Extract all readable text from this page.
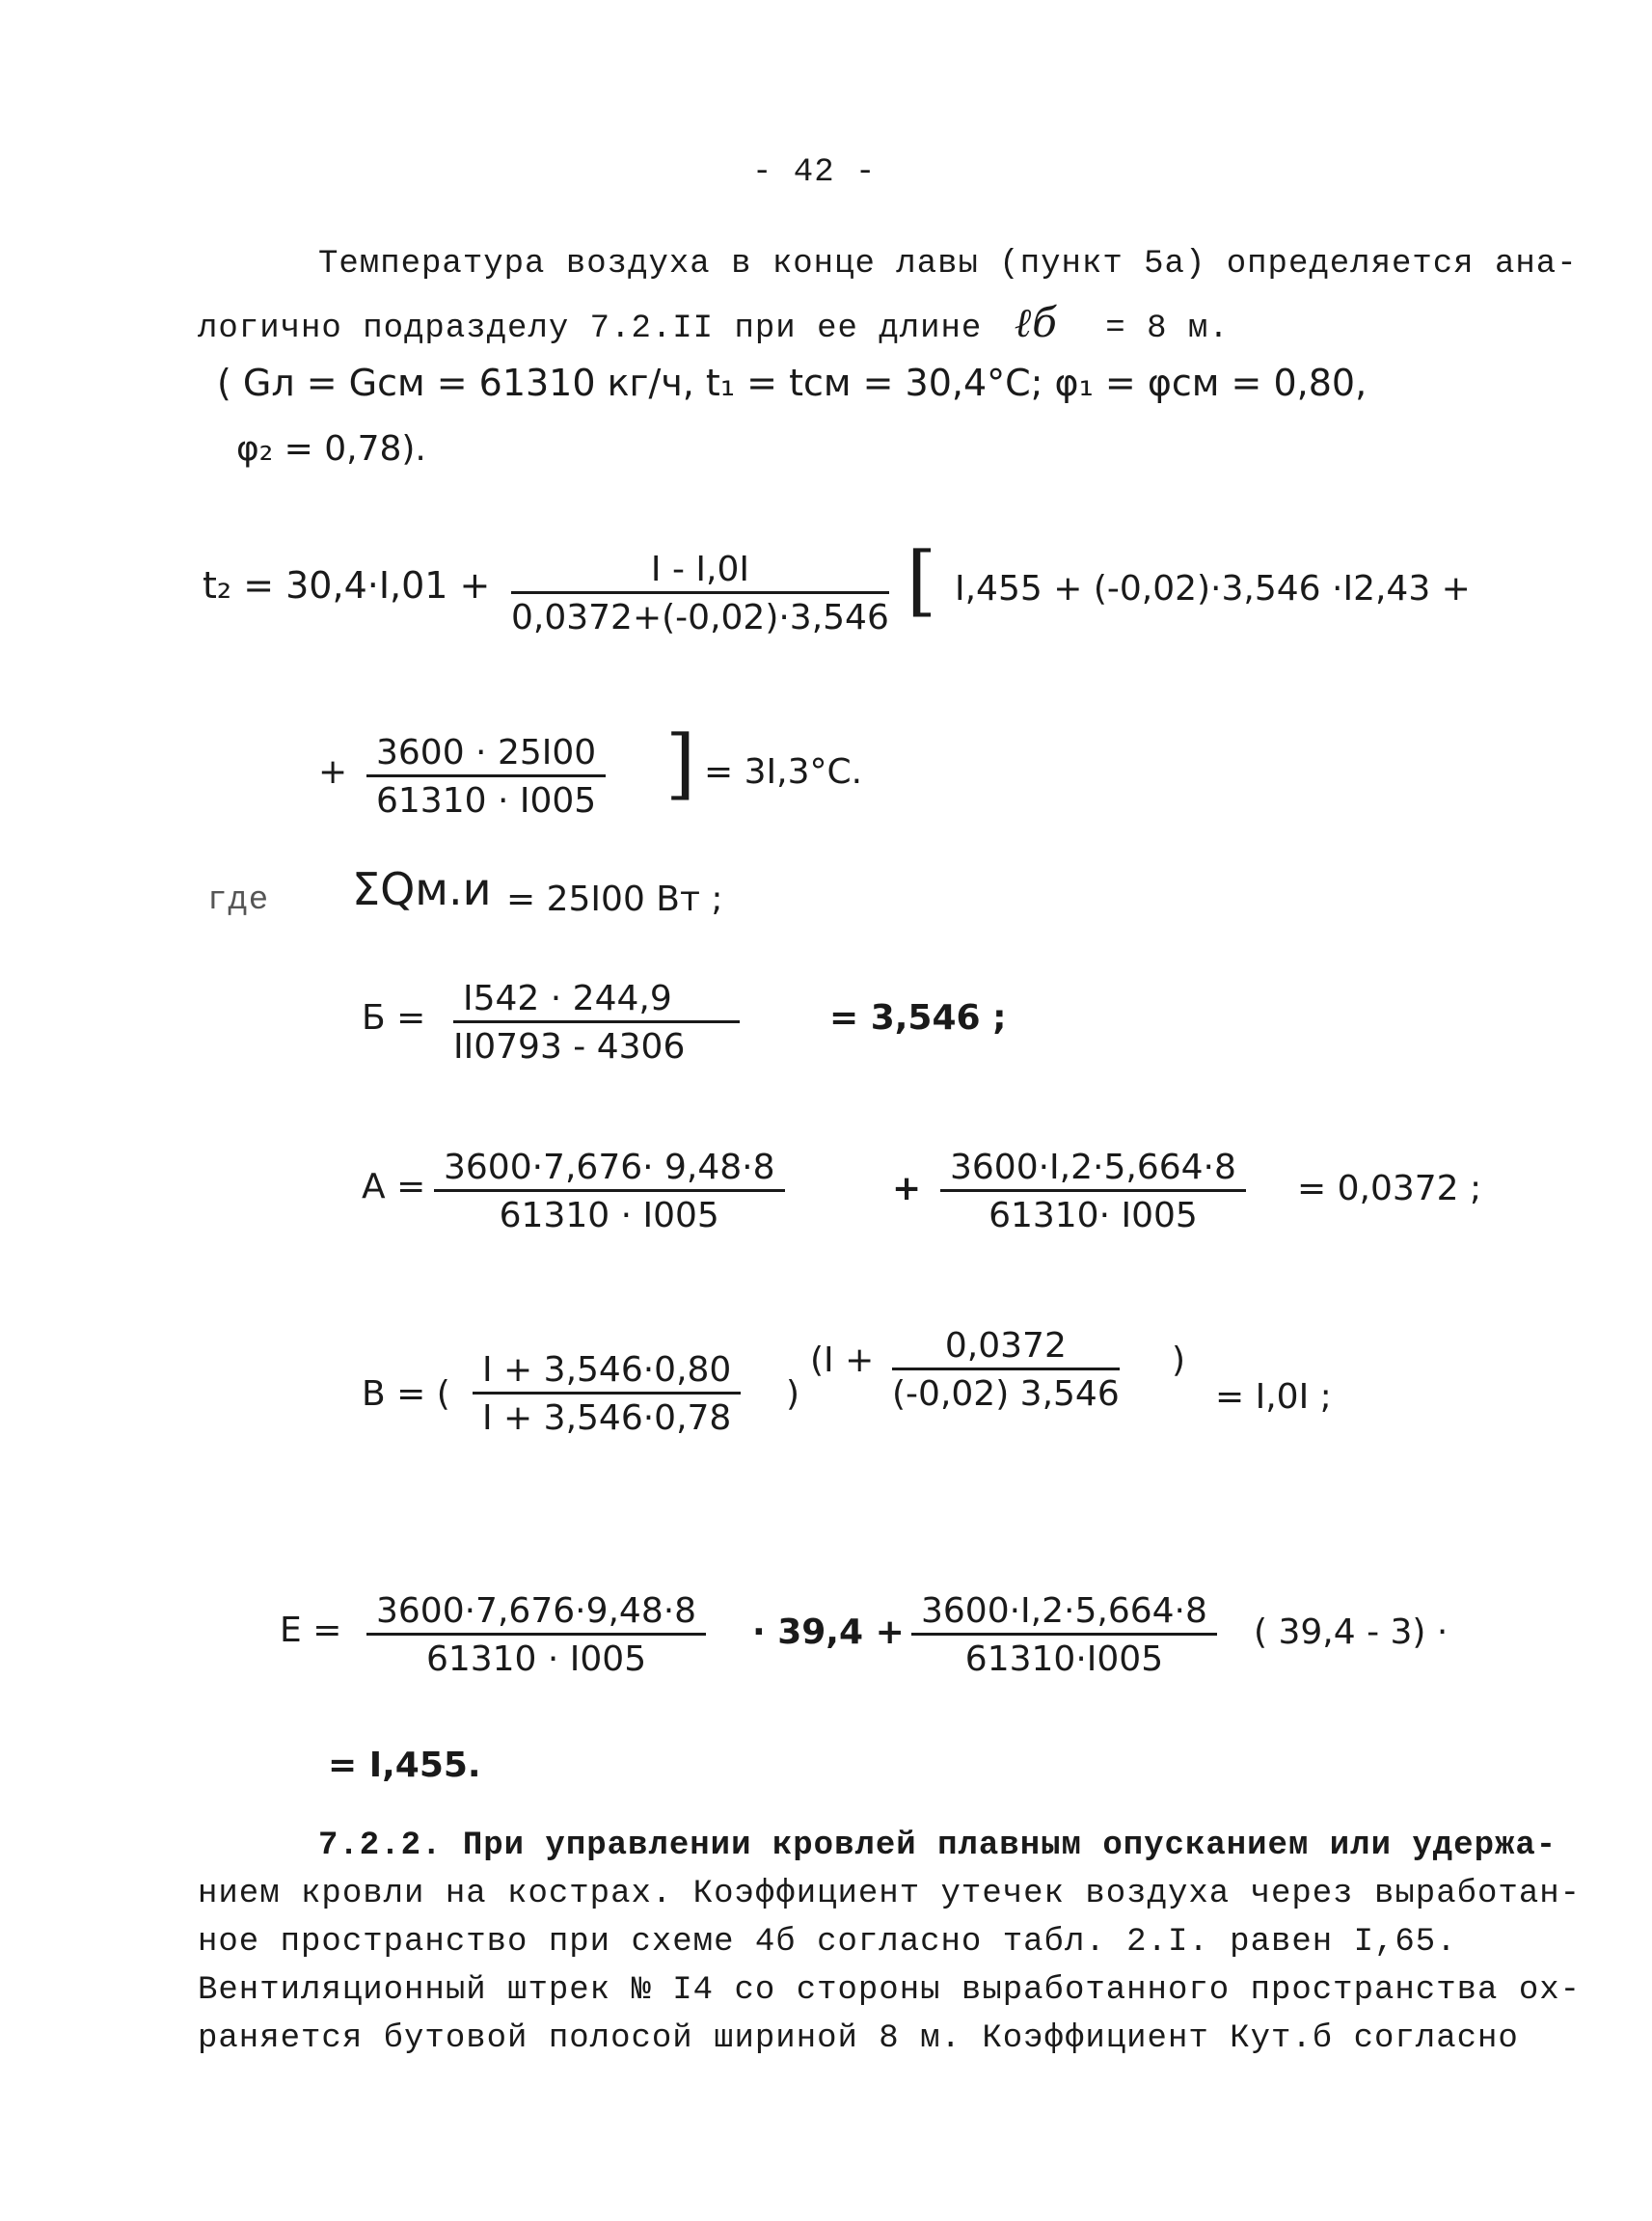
- 42 -
Температура воздуха в конце лавы (пункт 5а) определяется ана-
логично подразделу 7.2.II при ее длине ℓб = 8 м.
( Gл = Gсм = 61310 кг/ч, t₁ = tсм = 30,4°C; φ₁ = φсм = 0,80,
φ₂ = 0,78).
$t_2 = 30,4\cdot I,01 + \frac{I - I,0I}{0,0372+(-0,02)\cdot 3,546}$ [ I,455 + (-0,02)·3,546 ·I2,43 +
+ $\frac{3600 \cdot 25I00}{61310 \cdot I005}$ ] = 3I,3°C.
где ΣQм.и = 25I00 Вт ;
$Б = \frac{I542 \cdot 244,9}{II0793 - 4306}$	= 3,546 ;
$А = \frac{3600\cdot 7,676\cdot 9,48\cdot 8}{61310 \cdot I005}$	+ $\frac{3600\cdot I,2\cdot 5,664\cdot 8}{61310\cdot I005} = 0,0372$ ;
В = ( $\frac{I + 3,546\cdot 0,80}{I + 3,546\cdot 0,78}$ )
($I + \frac{0,0372}{(-0,02) 3,546}$ )
= I,0I ;
$E = \frac{3600\cdot 7,676\cdot 9,48\cdot 8}{61310 \cdot I005} \cdot 39,4 + \frac{3600\cdot I,2\cdot 5,664\cdot 8}{61310\cdot I005}$ ( 39,4 - 3) ·
= I,455.
7.2.2. При управлении кровлей плавным опусканием или удержа-
нием кровли на кострах. Коэффициент утечек воздуха через выработан-
ное пространство при схеме 4б согласно табл. 2.I. равен I,65.
Вентиляционный штрек № I4 со стороны выработанного пространства ох-
раняется бутовой полосой шириной 8 м. Коэффициент Кут.б согласно
